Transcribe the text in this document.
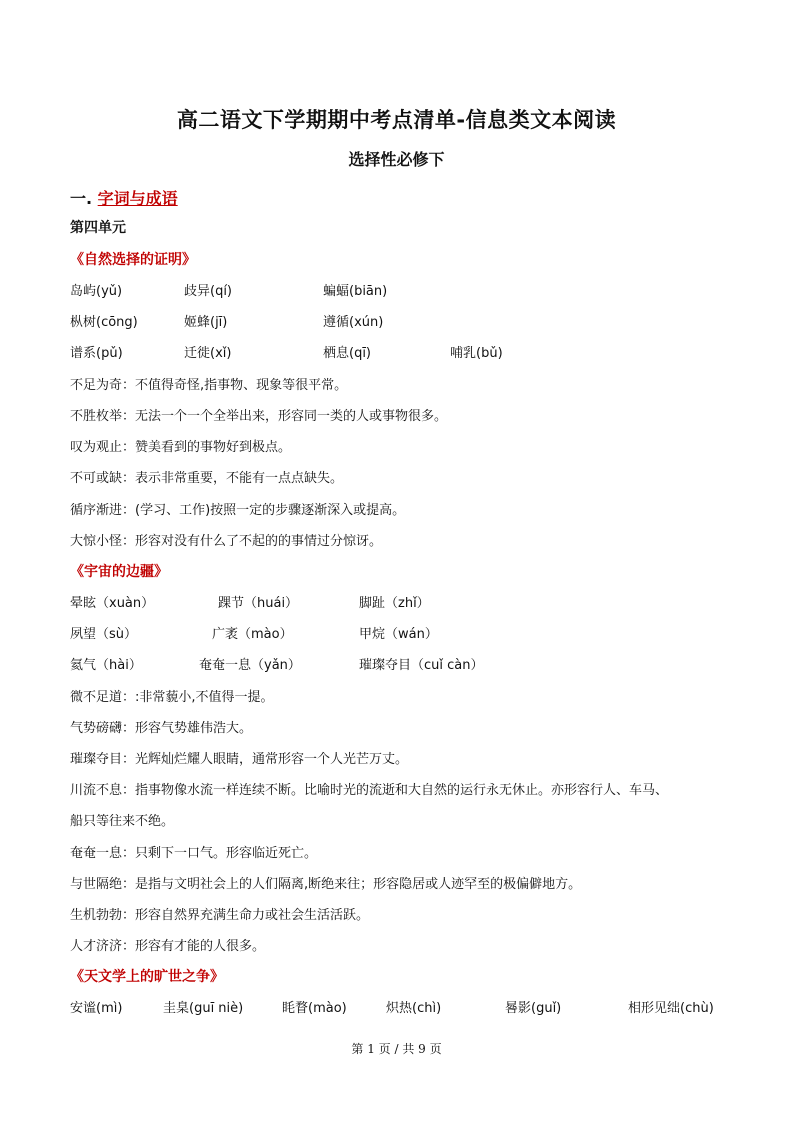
高二语文下学期期中考点清单-信息类文本阅读
选择性必修下
一. 字词与成语
第四单元
《自然选择的证明》
岛屿(yǔ)	歧异(qí)	蝙蝠(biān)
枞树(cōng)	姬蜂(jī)	遵循(xún)
谱系(pǔ)	迁徙(xǐ)	栖息(qī)	哺乳(bǔ)
不足为奇：不值得奇怪,指事物、现象等很平常。
不胜枚举：无法一个一个全举出来，形容同一类的人或事物很多。
叹为观止：赞美看到的事物好到极点。
不可或缺：表示非常重要，不能有一点点缺失。
循序渐进：(学习、工作)按照一定的步骤逐渐深入或提高。
大惊小怪：形容对没有什么了不起的的事情过分惊讶。
《宇宙的边疆》
晕眩（xuàn）	踝节（huái）	脚趾（zhǐ）
夙望（sù）	广袤（mào）	甲烷（wán）
氦气（hài）	奄奄一息（yǎn）	璀璨夺目（cuǐ càn）
微不足道：:非常藐小,不值得一提。
气势磅礴：形容气势雄伟浩大。
璀璨夺目：光辉灿烂耀人眼睛，通常形容一个人光芒万丈。
川流不息：指事物像水流一样连续不断。比喻时光的流逝和大自然的运行永无休止。亦形容行人、车马、
船只等往来不绝。
奄奄一息：只剩下一口气。形容临近死亡。
与世隔绝：是指与文明社会上的人们隔离,断绝来往；形容隐居或人迹罕至的极偏僻地方。
生机勃勃：形容自然界充满生命力或社会生活活跃。
人才济济：形容有才能的人很多。
《天文学上的旷世之争》
安谧(mì)	圭臬(guī niè)	眊瞀(mào)	炽热(chì)	晷影(guǐ)	相形见绌(chù)
第 1 页 / 共 9 页
